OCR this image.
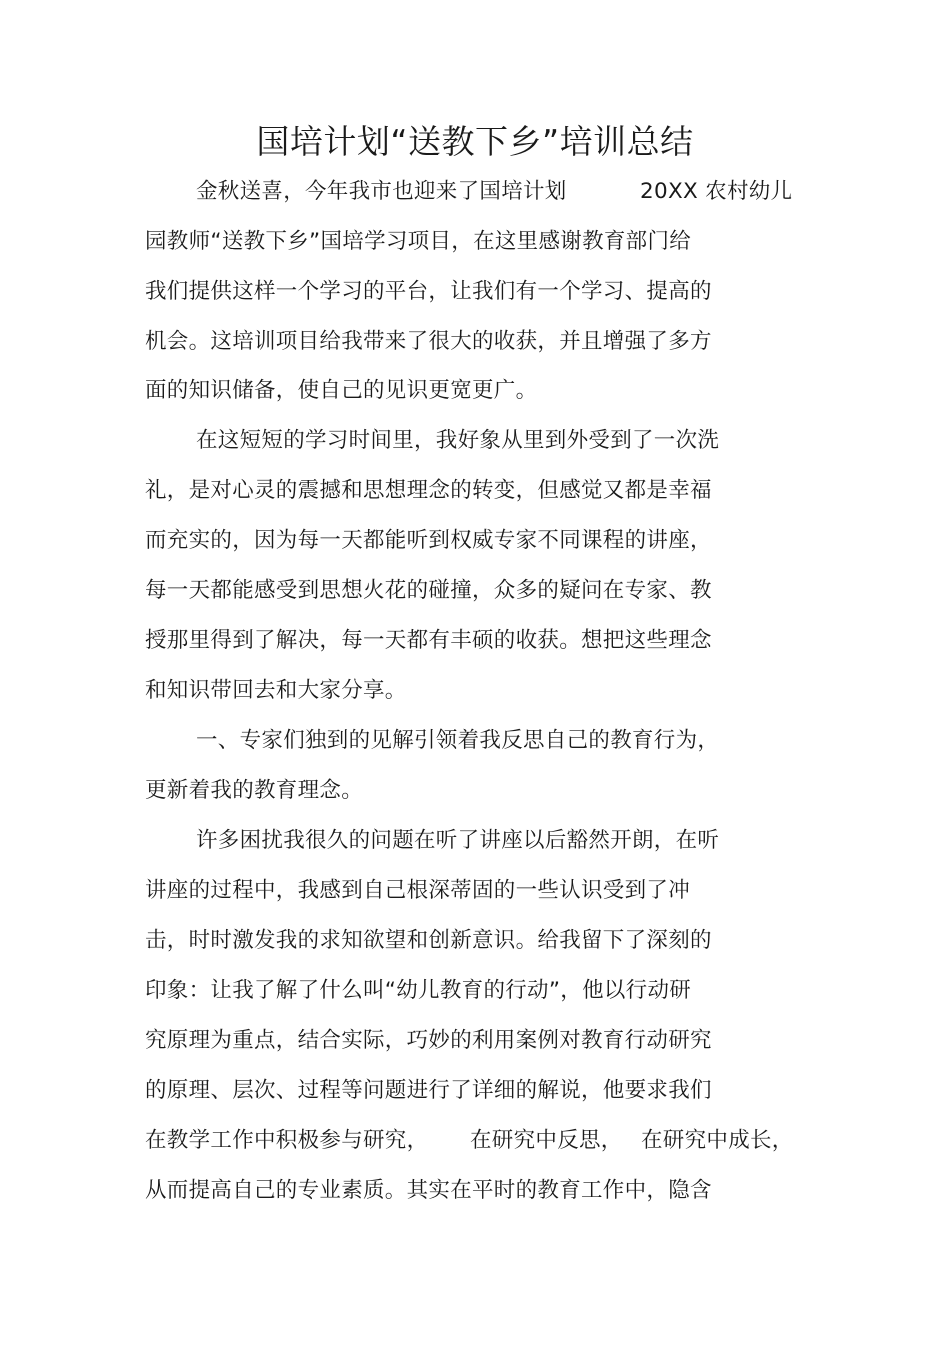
国培计划“送教下乡”培训总结
金秋送喜，今年我市也迎来了国培计划	20XX 农村幼儿
园教师“送教下乡”国培学习项目，在这里感谢教育部门给
我们提供这样一个学习的平台，让我们有一个学习、提高的
机会。这培训项目给我带来了很大的收获，并且增强了多方
面的知识储备，使自己的见识更宽更广。
在这短短的学习时间里，我好象从里到外受到了一次洗
礼，是对心灵的震撼和思想理念的转变，但感觉又都是幸福
而充实的，因为每一天都能听到权威专家不同课程的讲座，
每一天都能感受到思想火花的碰撞，众多的疑问在专家、教
授那里得到了解决，每一天都有丰硕的收获。想把这些理念
和知识带回去和大家分享。
一、专家们独到的见解引领着我反思自己的教育行为，
更新着我的教育理念。
许多困扰我很久的问题在听了讲座以后豁然开朗，在听
讲座的过程中，我感到自己根深蒂固的一些认识受到了冲
击，时时激发我的求知欲望和创新意识。给我留下了深刻的
印象：让我了解了什么叫“幼儿教育的行动”，他以行动研
究原理为重点，结合实际，巧妙的利用案例对教育行动研究
的原理、层次、过程等问题进行了详细的解说，他要求我们
在教学工作中积极参与研究， 在研究中反思， 在研究中成长，
从而提高自己的专业素质。其实在平时的教育工作中，隐含
